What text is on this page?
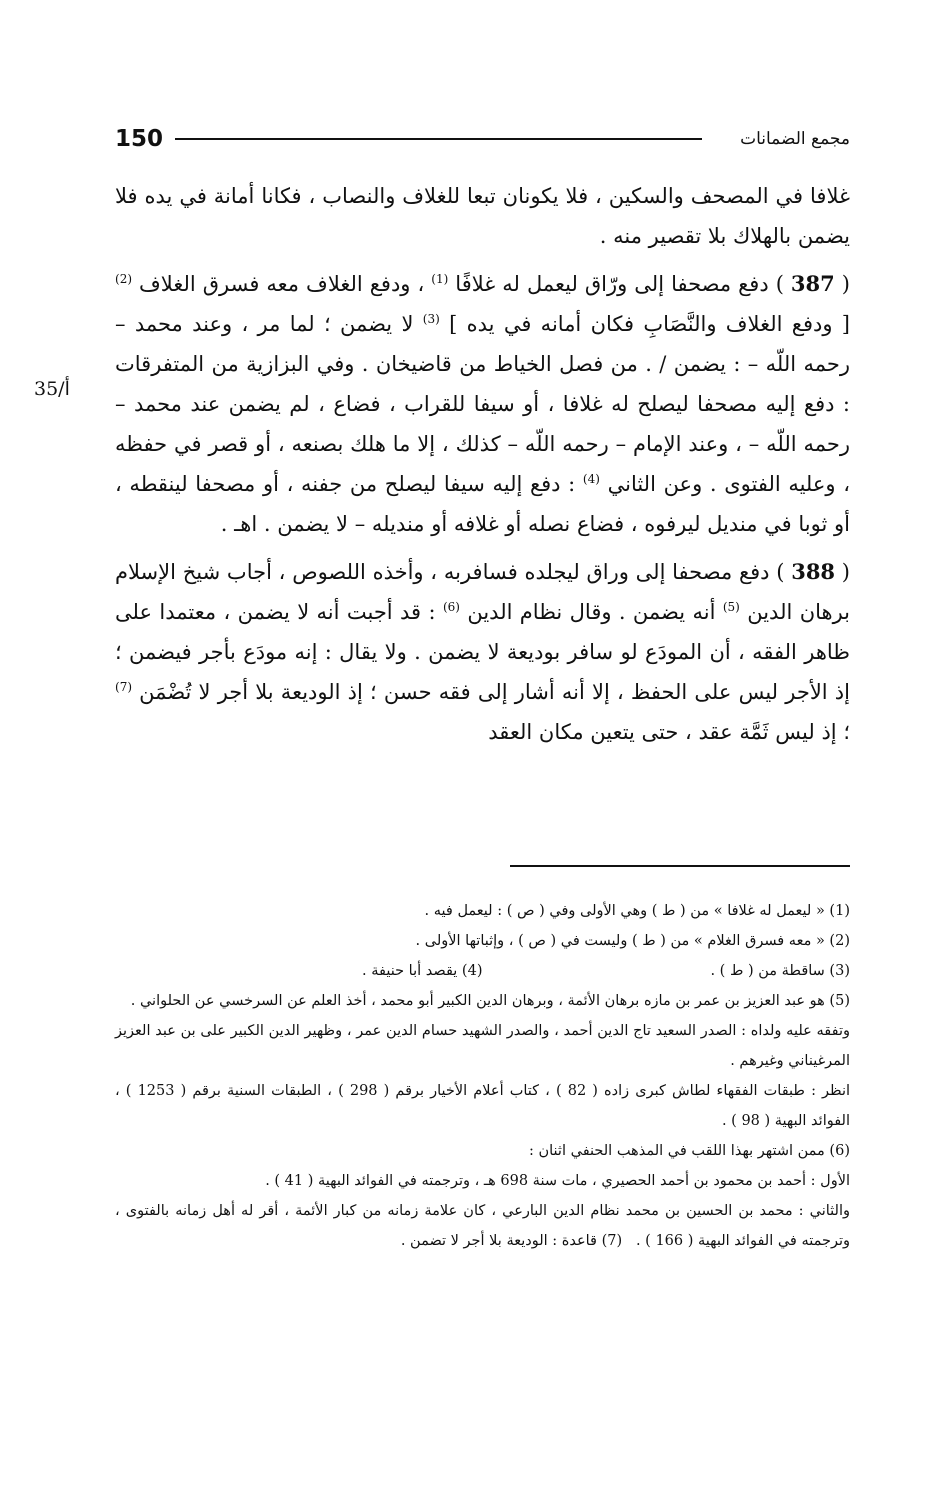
150	مجمع الضمانات
35/أ

غلافا في المصحف والسكين ، فلا يكونان تبعا للغلاف والنصاب ، فكانا أمانة في يده فلا يضمن بالهلاك بلا تقصير منه .

( 387 ) دفع مصحفا إلى ورّاق ليعمل له غلافًا $^{(1)}$ ، ودفع الغلاف معه فسرق الغلاف $^{(2)}$ [ ودفع الغلاف والنَّصَابِ فكان أمانه في يده ] $^{(3)}$ لا يضمن ؛ لما مر ، وعند محمد – رحمه اللّه – : يضمن / . من فصل الخياط من قاضيخان . وفي البزازية من المتفرقات : دفع إليه مصحفا ليصلح له غلافا ، أو سيفا للقراب ، فضاع ، لم يضمن عند محمد – رحمه اللّه – ، وعند الإمام – رحمه اللّه – كذلك ، إلا ما هلك بصنعه ، أو قصر في حفظه ، وعليه الفتوى . وعن الثاني $^{(4)}$ : دفع إليه سيفا ليصلح من جفنه ، أو مصحفا لينقطه ، أو ثوبا في منديل ليرفوه ، فضاع نصله أو غلافه أو منديله – لا يضمن . اهـ .

( 388 ) دفع مصحفا إلى وراق ليجلده فسافربه ، وأخذه اللصوص ، أجاب شيخ الإسلام برهان الدين $^{(5)}$ أنه يضمن . وقال نظام الدين $^{(6)}$ : قد أجبت أنه لا يضمن ، معتمدا على ظاهر الفقه ، أن المودَع لو سافر بوديعة لا يضمن . ولا يقال : إنه مودَع بأجر فيضمن ؛ إذ الأجر ليس على الحفظ ، إلا أنه أشار إلى فقه حسن ؛ إذ الوديعة بلا أجر لا تُضْمَن $^{(7)}$ ؛ إذ ليس ثَمَّة عقد ، حتى يتعين مكان العقد

(1) « ليعمل له غلافا » من ( ط ) وهي الأولى وفي ( ص ) : ليعمل فيه .
(2) « معه فسرق الغلام » من ( ط ) وليست في ( ص ) ، وإثباتها الأولى .
(3) ساقطة من ( ط ) .
(4) يقصد أبا حنيفة .
(5) هو عبد العزيز بن عمر بن مازه برهان الأئمة ، وبرهان الدين الكبير أبو محمد ، أخذ العلم عن السرخسي عن الحلواني .
وتفقه عليه ولداه : الصدر السعيد تاج الدين أحمد ، والصدر الشهيد حسام الدين عمر ، وظهير الدين الكبير على بن عبد العزيز المرغيناني وغيرهم .
انظر : طبقات الفقهاء لطاش كبرى زاده ( 82 ) ، كتاب أعلام الأخيار برقم ( 298 ) ، الطبقات السنية برقم ( 1253 ) ، الفوائد البهية ( 98 ) .
(6) ممن اشتهر بهذا اللقب في المذهب الحنفي اثنان :
الأول : أحمد بن محمود بن أحمد الحصيري ، مات سنة 698 هـ ، وترجمته في الفوائد البهية ( 41 ) .
والثاني : محمد بن الحسين بن محمد نظام الدين البارعي ، كان علامة زمانه من كبار الأئمة ، أقر له أهل زمانه بالفتوى ، وترجمته في الفوائد البهية ( 166 ) .   (7) قاعدة : الوديعة بلا أجر لا تضمن .
